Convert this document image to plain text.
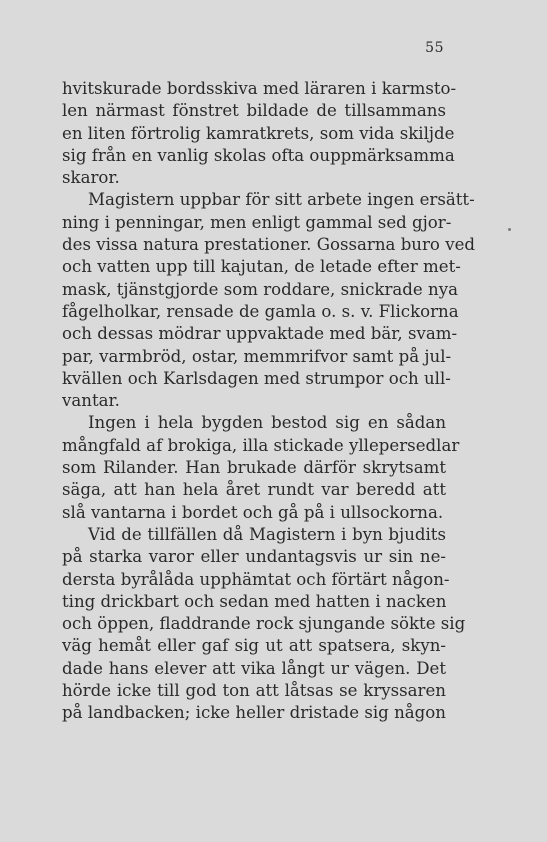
55
hvitskurade bordsskiva med läraren i karmsto-
len närmast fönstret bildade de tillsammans
en liten förtrolig kamratkrets, som vida skiljde
sig från en vanlig skolas ofta ouppmärksamma
skaror.
Magistern uppbar för sitt arbete ingen ersätt-
ning i penningar, men enligt gammal sed gjor-
des vissa natura prestationer. Gossarna buro ved
och vatten upp till kajutan, de letade efter met-
mask, tjänstgjorde som roddare, snickrade nya
fågelholkar, rensade de gamla o. s. v. Flickorna
och dessas mödrar uppvaktade med bär, svam-
par, varmbröd, ostar, memmrifvor samt på jul-
kvällen och Karlsdagen med strumpor och ull-
vantar.
Ingen i hela bygden bestod sig en sådan
mångfald af brokiga, illa stickade yllepersedlar
som Rilander. Han brukade därför skrytsamt
säga, att han hela året rundt var beredd att
slå vantarna i bordet och gå på i ullsockorna.
Vid de tillfällen då Magistern i byn bjudits
på starka varor eller undantagsvis ur sin ne-
dersta byrålåda upphämtat och förtärt någon-
ting drickbart och sedan med hatten i nacken
och öppen, fladdrande rock sjungande sökte sig
väg hemåt eller gaf sig ut att spatsera, skyn-
dade hans elever att vika långt ur vägen. Det
hörde icke till god ton att låtsas se kryssaren
på landbacken; icke heller dristade sig någon
